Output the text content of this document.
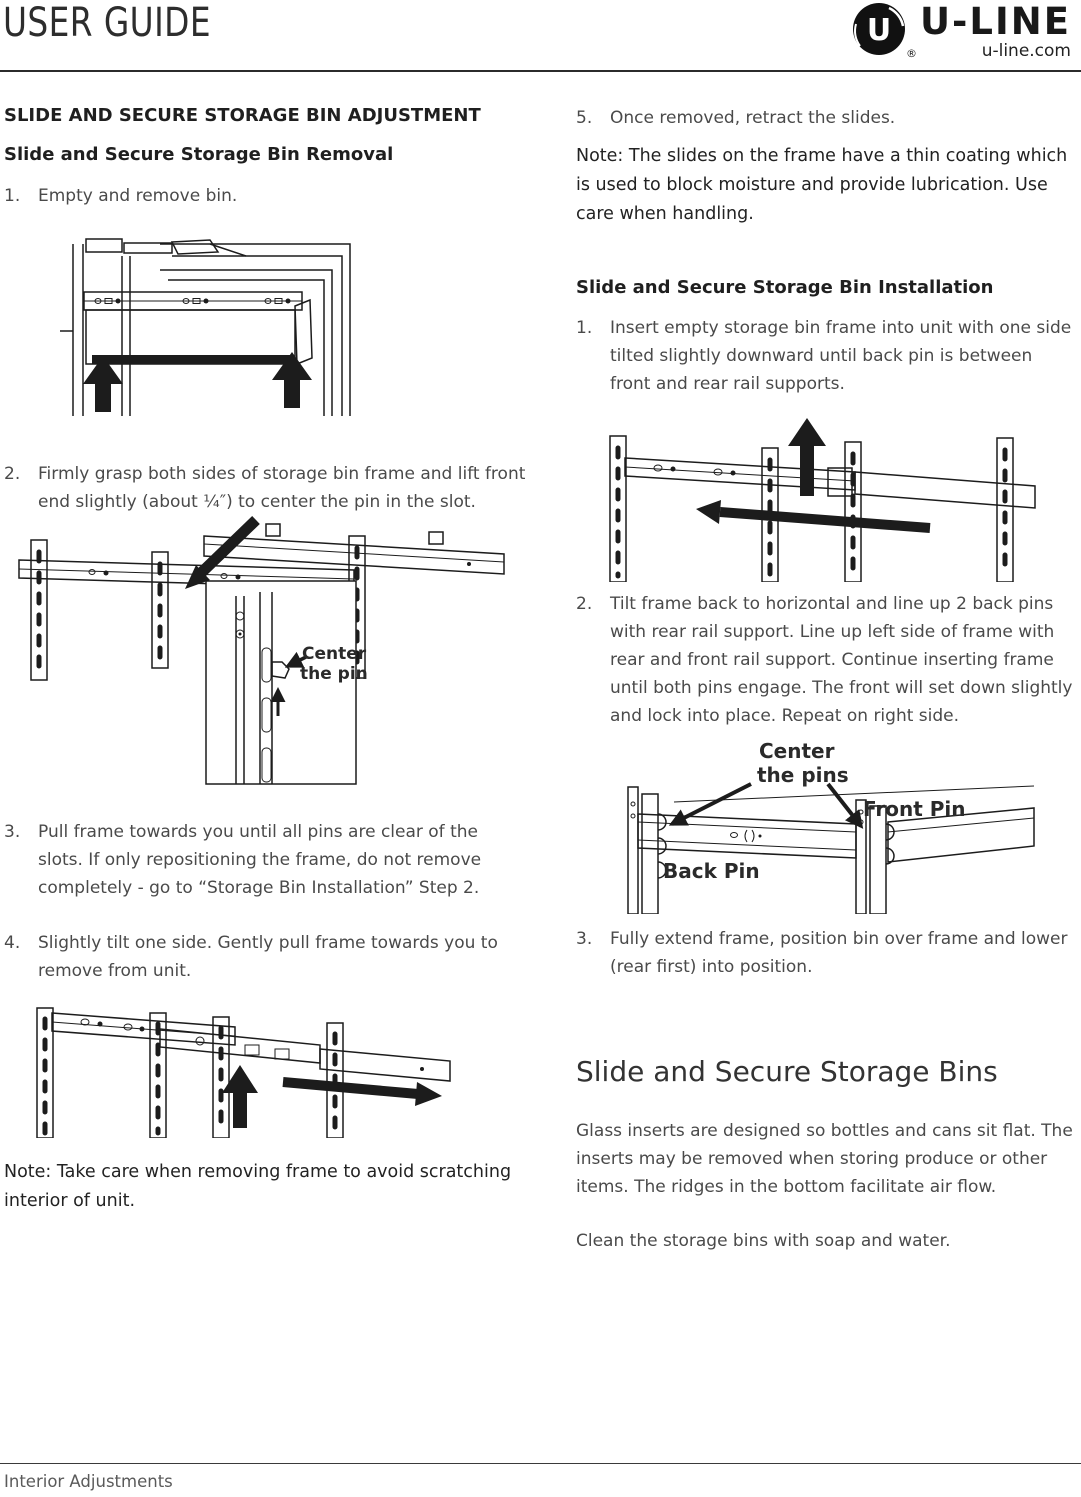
USER GUIDE	U
®
U-LINE
u-line.com
SLIDE AND SECURE STORAGE BIN ADJUSTMENT
Slide and Secure Storage Bin Removal
1.	Empty and remove bin.
2.	Firmly grasp both sides of storage bin frame and lift front end slightly (about ¼″) to center the pin in the slot.
Center
the pin
3.	Pull frame towards you until all pins are clear of the slots. If only repositioning the frame, do not remove completely - go to “Storage Bin Installation” Step 2.
4.	Slightly tilt one side. Gently pull frame towards you to remove from unit.
Note: Take care when removing frame to avoid scratching interior of unit.
5.	Once removed, retract the slides.
Note: The slides on the frame have a thin coating which is used to block moisture and provide lubrication. Use care when handling.
Slide and Secure Storage Bin Installation
1.	Insert empty storage bin frame into unit with one side tilted slightly downward until back pin is between front and rear rail supports.
2.	Tilt frame back to horizontal and line up 2 back pins with rear rail support. Line up left side of frame with rear and front rail support. Continue inserting frame until both pins engage. The front will set down slightly and lock into place. Repeat on right side.
Center
the pins
Front Pin
Back Pin
3.	Fully extend frame, position bin over frame and lower (rear first) into position.
Slide and Secure Storage Bins
Glass inserts are designed so bottles and cans sit flat. The inserts may be removed when storing produce or other items. The ridges in the bottom facilitate air flow.
Clean the storage bins with soap and water.
Interior Adjustments
